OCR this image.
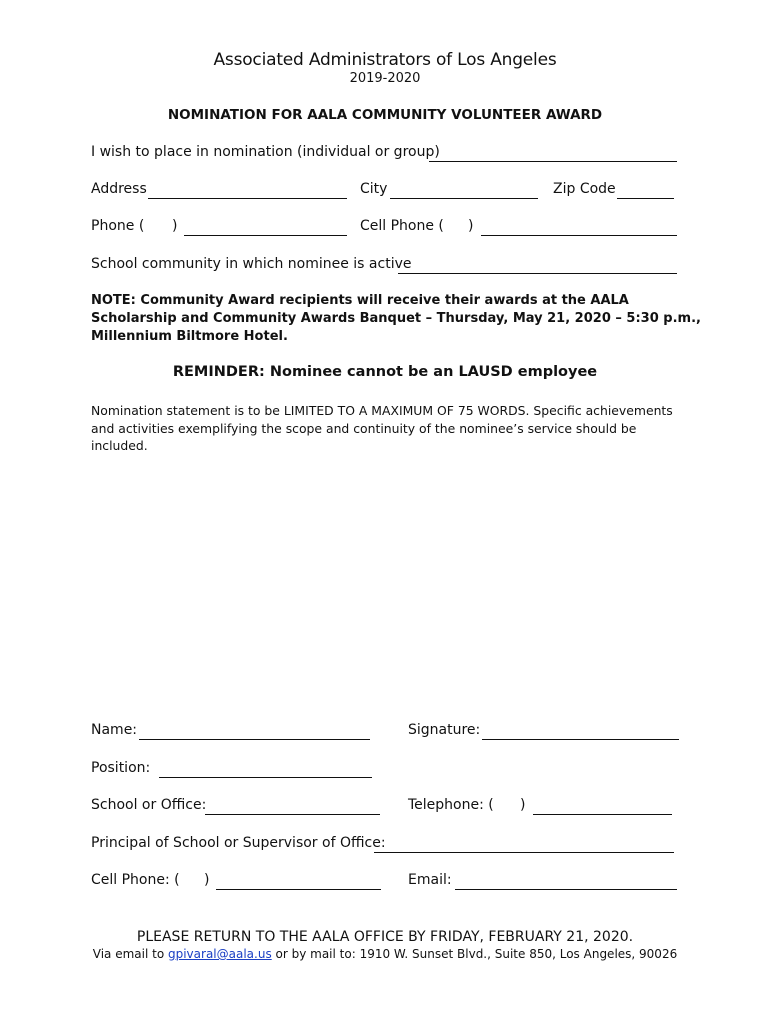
Associated Administrators of Los Angeles
2019-2020
NOMINATION FOR AALA COMMUNITY VOLUNTEER AWARD
I wish to place in nomination (individual or group)
Address	City	Zip Code
Phone ( )	Cell Phone ( )
School community in which nominee is active
NOTE: Community Award recipients will receive their awards at the AALA Scholarship and Community Awards Banquet – Thursday, May 21, 2020 – 5:30 p.m., Millennium Biltmore Hotel.
REMINDER: Nominee cannot be an LAUSD employee
Nomination statement is to be LIMITED TO A MAXIMUM OF 75 WORDS. Specific achievements and activities exemplifying the scope and continuity of the nominee’s service should be included.
Name:	Signature:
Position:
School or Office:	Telephone: ( )
Principal of School or Supervisor of Office:
Cell Phone: ( )	Email:
PLEASE RETURN TO THE AALA OFFICE BY FRIDAY, FEBRUARY 21, 2020.
Via email to gpivaral@aala.us or by mail to: 1910 W. Sunset Blvd., Suite 850, Los Angeles, 90026
